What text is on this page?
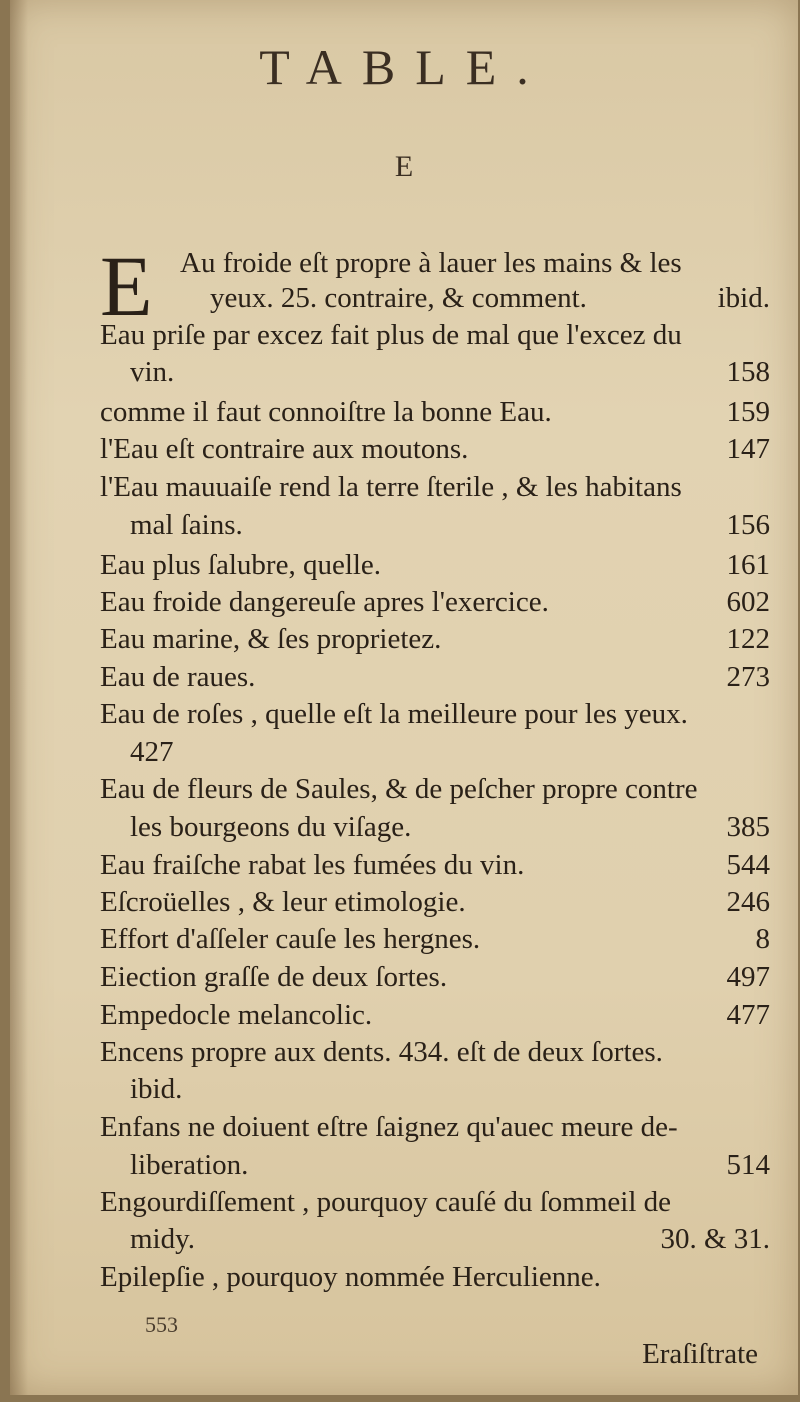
TABLE.
E
E Au froide eſt propre à lauer les mains & les
yeux. 25. contraire, & comment.	ibid.
Eau priſe par excez fait plus de mal que l'excez du
vin.	158
comme il faut connoiſtre la bonne Eau.	159
l'Eau eſt contraire aux moutons.	147
l'Eau mauuaiſe rend la terre ſterile , & les habitans
mal ſains.	156
Eau plus ſalubre, quelle.	161
Eau froide dangereuſe apres l'exercice.	602
Eau marine, & ſes proprietez.	122
Eau de raues.	273
Eau de roſes , quelle eſt la meilleure pour les yeux.
427
Eau de fleurs de Saules, & de peſcher propre contre
les bourgeons du viſage.	385
Eau fraiſche rabat les fumées du vin.	544
Eſcroüelles , & leur etimologie.	246
Effort d'aſſeler cauſe les hergnes.	8
Eiection graſſe de deux ſortes.	497
Empedocle melancolic.	477
Encens propre aux dents. 434. eſt de deux ſortes.
ibid.
Enfans ne doiuent eſtre ſaignez qu'auec meure de-
liberation.	514
Engourdiſſement , pourquoy cauſé du ſommeil de
midy.	30. & 31.
Epilepſie , pourquoy nommée Herculienne.
553
Eraſiſtrate
